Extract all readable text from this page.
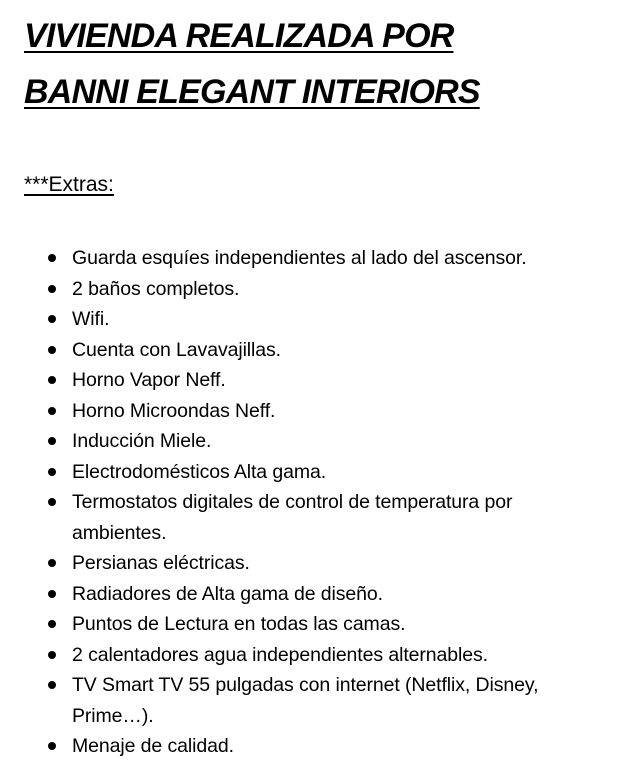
VIVIENDA REALIZADA POR
BANNI ELEGANT INTERIORS
***Extras:
Guarda esquíes independientes al lado del ascensor.
2 baños completos.
Wifi.
Cuenta con Lavavajillas.
Horno Vapor Neff.
Horno Microondas Neff.
Inducción Miele.
Electrodomésticos Alta gama.
Termostatos digitales de control de temperatura por ambientes.
Persianas eléctricas.
Radiadores de Alta gama de diseño.
Puntos de Lectura en todas las camas.
2 calentadores agua independientes alternables.
TV Smart TV 55 pulgadas con internet (Netflix, Disney, Prime…).
Menaje de calidad.
